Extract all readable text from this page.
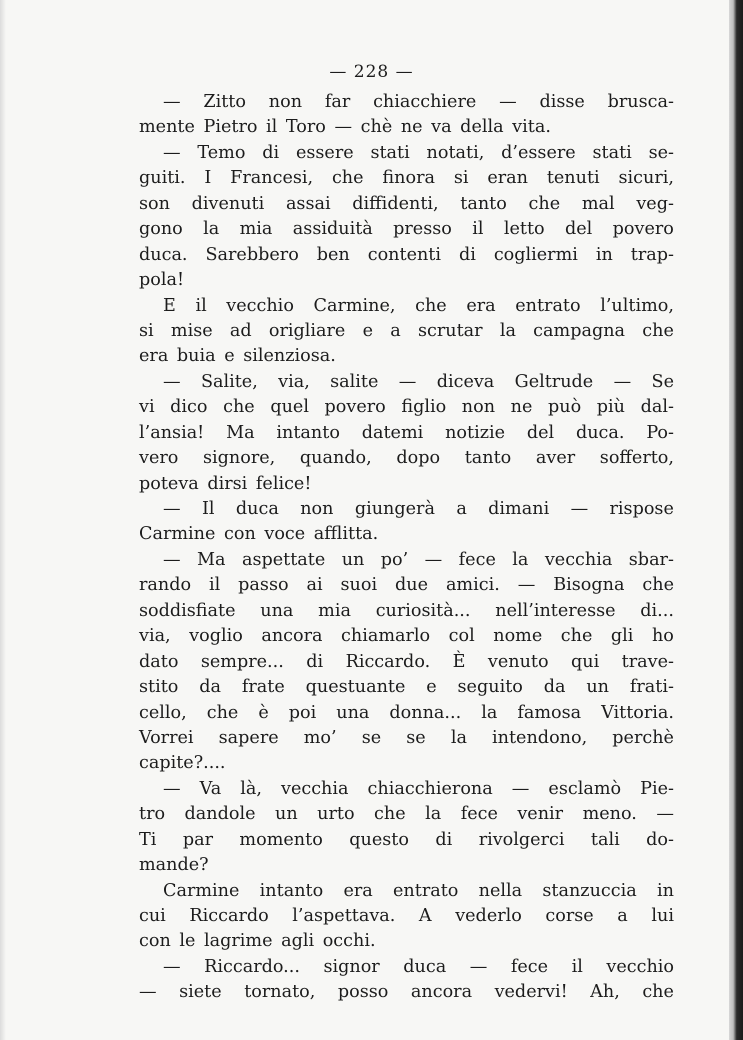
— 228 —
— Zitto non far chiacchiere — disse brusca-
mente Pietro il Toro — chè ne va della vita.
— Temo di essere stati notati, d’essere stati se-
guiti. I Francesi, che finora si eran tenuti sicuri,
son divenuti assai diffidenti, tanto che mal veg-
gono la mia assiduità presso il letto del povero
duca. Sarebbero ben contenti di cogliermi in trap-
pola!
E il vecchio Carmine, che era entrato l’ultimo,
si mise ad origliare e a scrutar la campagna che
era buia e silenziosa.
— Salite, via, salite — diceva Geltrude — Se
vi dico che quel povero figlio non ne può più dal-
l’ansia! Ma intanto datemi notizie del duca. Po-
vero signore, quando, dopo tanto aver sofferto,
poteva dirsi felice!
— Il duca non giungerà a dimani — rispose
Carmine con voce afflitta.
— Ma aspettate un po’ — fece la vecchia sbar-
rando il passo ai suoi due amici. — Bisogna che
soddisfiate una mia curiosità... nell’interesse di...
via, voglio ancora chiamarlo col nome che gli ho
dato sempre... di Riccardo. È venuto qui trave-
stito da frate questuante e seguito da un frati-
cello, che è poi una donna... la famosa Vittoria.
Vorrei sapere mo’ se se la intendono, perchè
capite?....
— Va là, vecchia chiacchierona — esclamò Pie-
tro dandole un urto che la fece venir meno. —
Ti par momento questo di rivolgerci tali do-
mande?
Carmine intanto era entrato nella stanzuccia in
cui Riccardo l’aspettava. A vederlo corse a lui
con le lagrime agli occhi.
— Riccardo... signor duca — fece il vecchio
— siete tornato, posso ancora vedervi! Ah, che
